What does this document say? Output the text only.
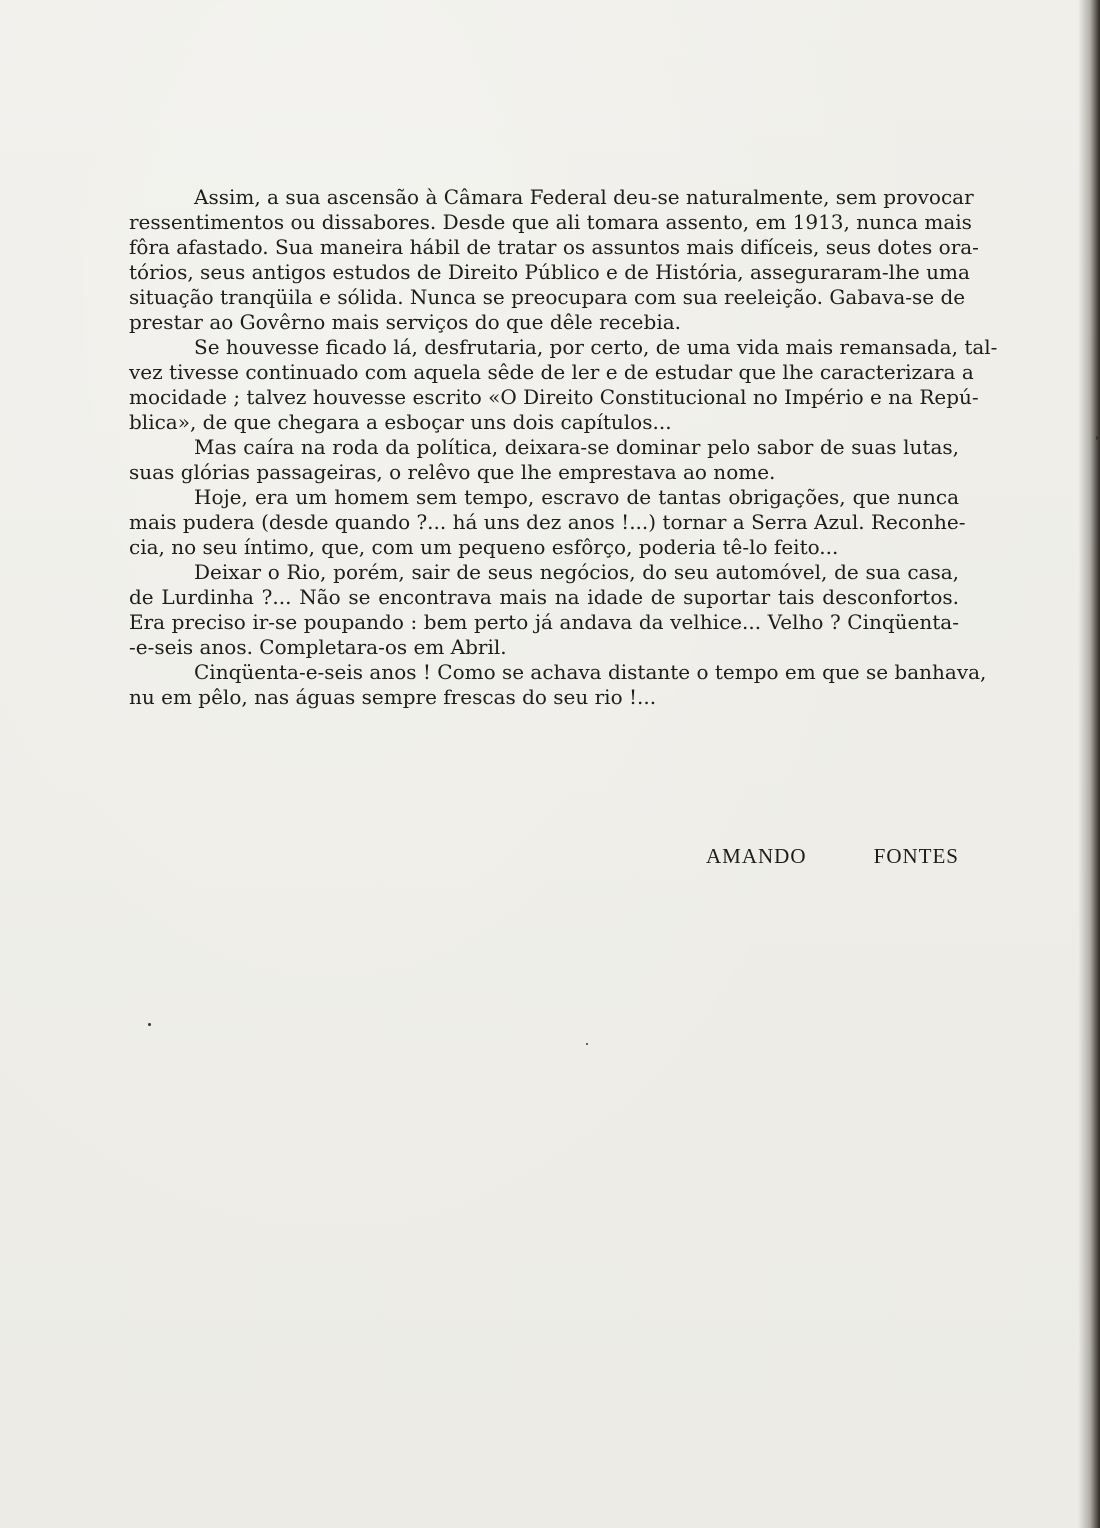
Assim, a sua ascensão à Câmara Federal deu-se naturalmente, sem provocar
ressentimentos ou dissabores. Desde que ali tomara assento, em 1913, nunca mais
fôra afastado. Sua maneira hábil de tratar os assuntos mais difíceis, seus dotes ora-
tórios, seus antigos estudos de Direito Público e de História, asseguraram-lhe uma
situação tranqüila e sólida. Nunca se preocupara com sua reeleição. Gabava-se de
prestar ao Govêrno mais serviços do que dêle recebia.
Se houvesse ficado lá, desfrutaria, por certo, de uma vida mais remansada, tal-
vez tivesse continuado com aquela sêde de ler e de estudar que lhe caracterizara a
mocidade ; talvez houvesse escrito «O Direito Constitucional no Império e na Repú-
blica», de que chegara a esboçar uns dois capítulos...
Mas caíra na roda da política, deixara-se dominar pelo sabor de suas lutas,
suas glórias passageiras, o relêvo que lhe emprestava ao nome.
Hoje, era um homem sem tempo, escravo de tantas obrigações, que nunca
mais pudera (desde quando ?... há uns dez anos !...) tornar a Serra Azul. Reconhe-
cia, no seu íntimo, que, com um pequeno esfôrço, poderia tê-lo feito...
Deixar o Rio, porém, sair de seus negócios, do seu automóvel, de sua casa,
de Lurdinha ?... Não se encontrava mais na idade de suportar tais desconfortos.
Era preciso ir-se poupando : bem perto já andava da velhice... Velho ? Cinqüenta-
-e-seis anos. Completara-os em Abril.
Cinqüenta-e-seis anos ! Como se achava distante o tempo em que se banhava,
nu em pêlo, nas águas sempre frescas do seu rio !...
AMANDO FONTES
